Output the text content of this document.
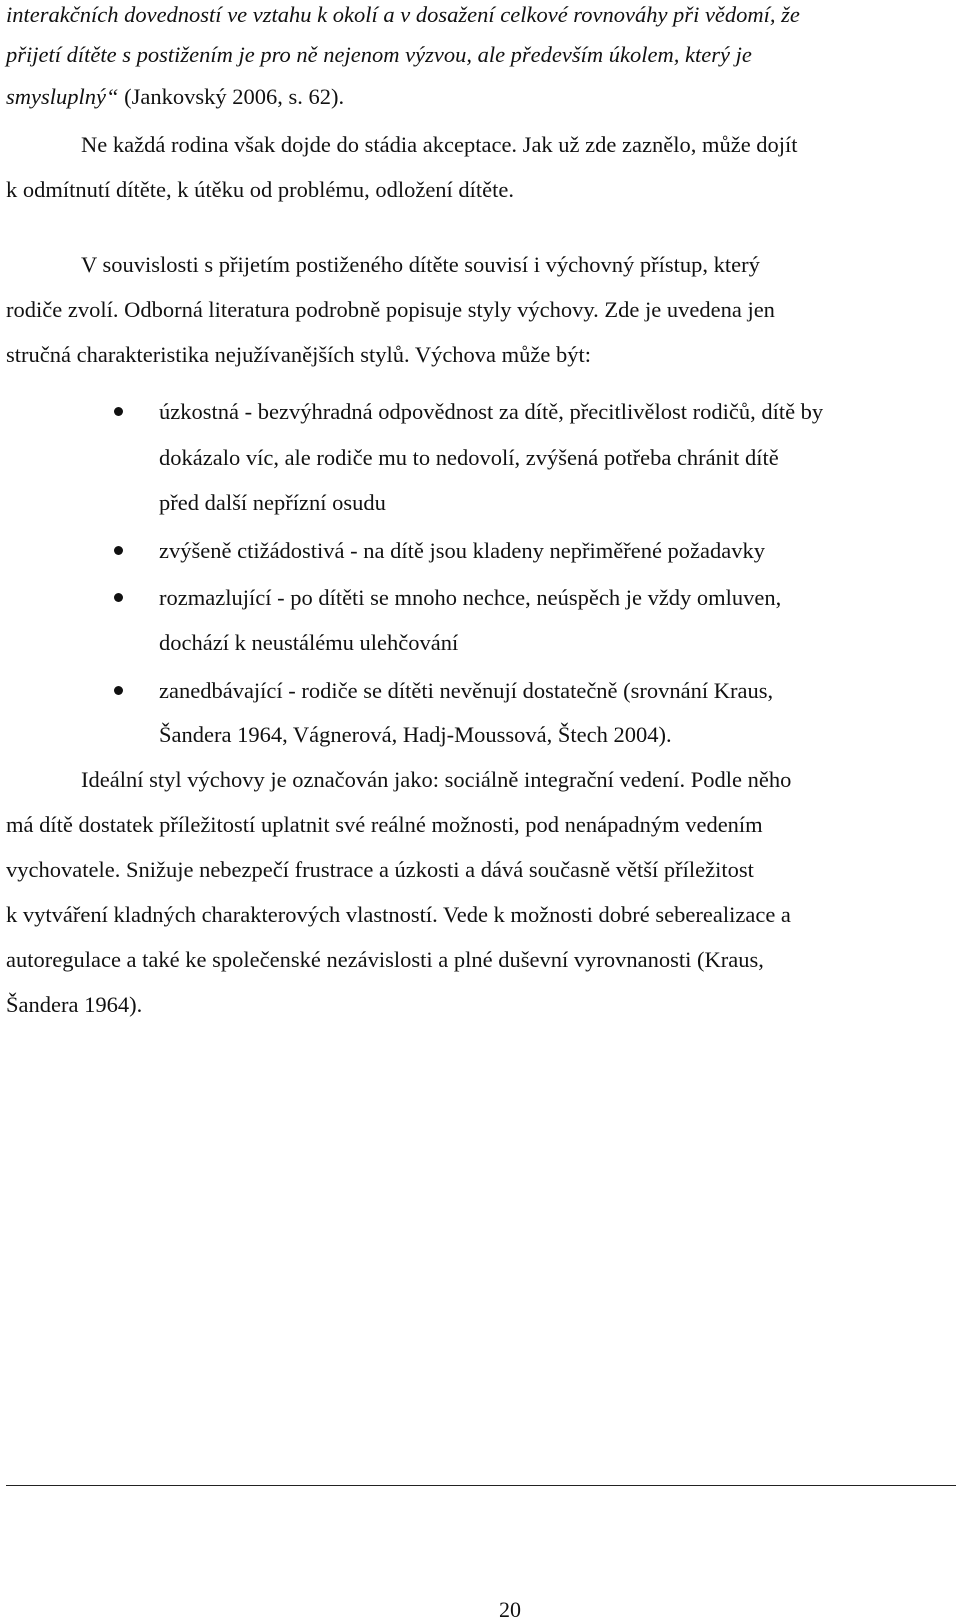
interakčních dovedností ve vztahu k okolí a v dosažení celkové rovnováhy při vědomí, že
přijetí dítěte s postižením je pro ně nejenom výzvou, ale především úkolem, který je
smysluplný“ (Jankovský 2006, s. 62).
Ne každá rodina však dojde do stádia akceptace. Jak už zde zaznělo, může dojít
k odmítnutí dítěte, k útěku od problému, odložení dítěte.
V souvislosti s přijetím postiženého dítěte souvisí i výchovný přístup, který
rodiče zvolí. Odborná literatura podrobně popisuje styly výchovy. Zde je uvedena jen
stručná charakteristika nejužívanějších stylů. Výchova může být:
úzkostná - bezvýhradná odpovědnost za dítě, přecitlivělost rodičů, dítě by
dokázalo víc, ale rodiče mu to nedovolí, zvýšená potřeba chránit dítě
před další nepřízní osudu
zvýšeně ctižádostivá - na dítě jsou kladeny nepřiměřené požadavky
rozmazlující - po dítěti se mnoho nechce, neúspěch je vždy omluven,
dochází k neustálému ulehčování
zanedbávající - rodiče se dítěti nevěnují dostatečně (srovnání Kraus,
Šandera 1964, Vágnerová, Hadj-Moussová, Štech 2004).
Ideální styl výchovy je označován jako: sociálně integrační vedení. Podle něho
má dítě dostatek příležitostí uplatnit své reálné možnosti, pod nenápadným vedením
vychovatele. Snižuje nebezpečí frustrace a úzkosti a dává současně větší příležitost
k vytváření kladných charakterových vlastností. Vede k možnosti dobré seberealizace a
autoregulace a také ke společenské nezávislosti a plné duševní vyrovnanosti (Kraus,
Šandera 1964).
20
